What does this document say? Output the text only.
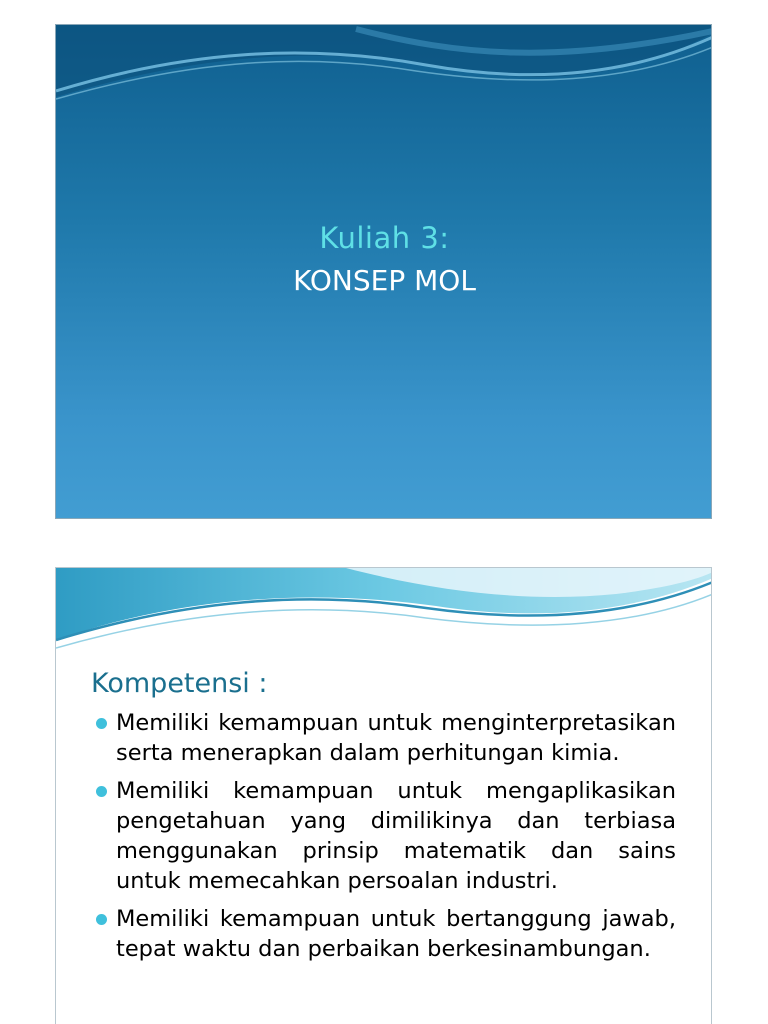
Kuliah 3:
KONSEP MOL
Kompetensi :
Memiliki kemampuan untuk menginterpretasikan serta menerapkan dalam perhitungan kimia.
Memiliki kemampuan untuk mengaplikasikan pengetahuan yang dimilikinya dan terbiasa menggunakan prinsip matematik dan sains untuk memecahkan persoalan industri.
Memiliki kemampuan untuk bertanggung jawab, tepat waktu dan perbaikan berkesinambungan.
